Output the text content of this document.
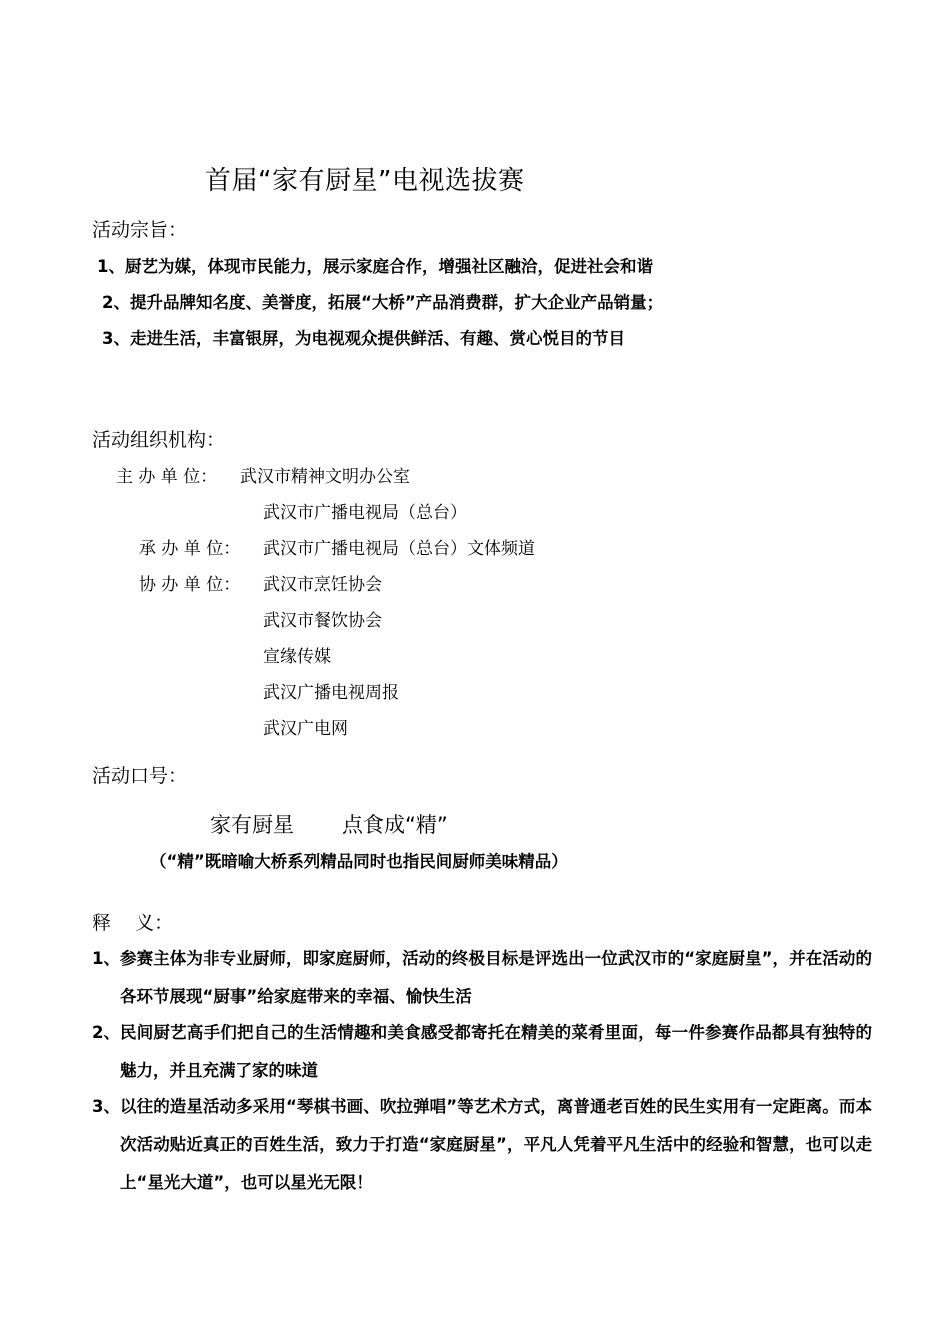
首届“家有厨星”电视选拔赛
活动宗旨：
1、厨艺为媒，体现市民能力，展示家庭合作，增强社区融洽，促进社会和谐
2、提升品牌知名度、美誉度，拓展“大桥”产品消费群，扩大企业产品销量；
3、走进生活，丰富银屏，为电视观众提供鲜活、有趣、赏心悦目的节目
活动组织机构：
主 办 单 位： 武汉市精神文明办公室
武汉市广播电视局（总台）
承 办 单 位： 武汉市广播电视局（总台）文体频道
协 办 单 位： 武汉市烹饪协会
武汉市餐饮协会
宣缘传媒
武汉广播电视周报
武汉广电网
活动口号：
家有厨星 点食成“精”
（“精”既暗喻大桥系列精品同时也指民间厨师美味精品）
释    义：
1、 参赛主体为非专业厨师，即家庭厨师，活动的终极目标是评选出一位武汉市的“家庭厨皇”，并在活动的各环节展现“厨事”给家庭带来的幸福、愉快生活
2、 民间厨艺高手们把自己的生活情趣和美食感受都寄托在精美的菜肴里面，每一件参赛作品都具有独特的魅力，并且充满了家的味道
3、 以往的造星活动多采用“琴棋书画、吹拉弹唱”等艺术方式，离普通老百姓的民生实用有一定距离。而本次活动贴近真正的百姓生活，致力于打造“家庭厨星”，平凡人凭着平凡生活中的经验和智慧，也可以走上“星光大道”，也可以星光无限！
